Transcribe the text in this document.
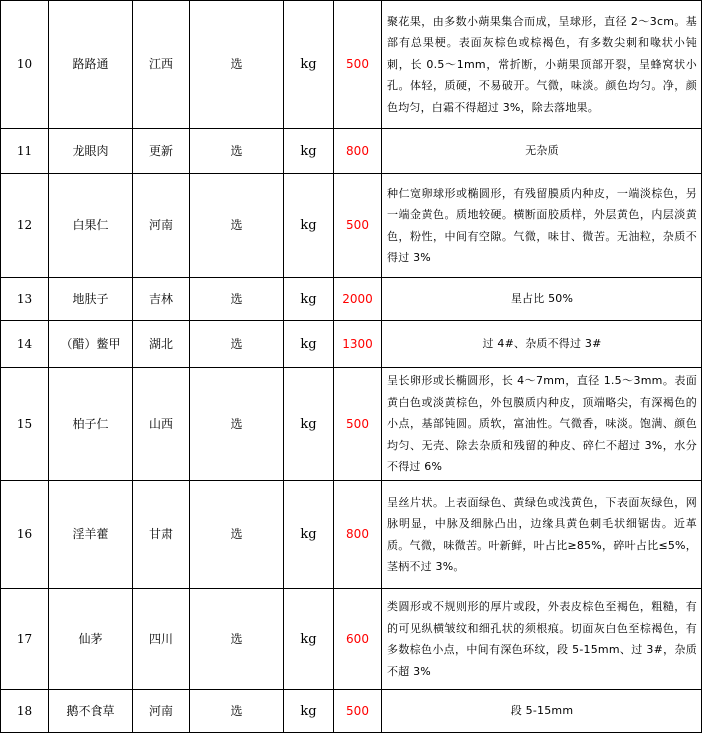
10	路路通	江西	选	kg	500	聚花果，由多数小蒴果集合而成，呈球形，直径 2～3cm。基部有总果梗。表面灰棕色或棕褐色，有多数尖刺和喙状小钝刺，长 0.5～1mm，常折断，小蒴果顶部开裂，呈蜂窝状小孔。体轻，质硬，不易破开。气微，味淡。颜色均匀。净，颜色均匀，白霜不得超过 3%，除去落地果。
11	龙眼肉	更新	选	kg	800	无杂质
12	白果仁	河南	选	kg	500	种仁宽卵球形或椭圆形，有残留膜质内种皮，一端淡棕色，另一端金黄色。质地较硬。横断面胶质样，外层黄色，内层淡黄色，粉性，中间有空隙。气微，味甘、微苦。无油粒，杂质不得过 3%
13	地肤子	吉林	选	kg	2000	星占比 50%
14	（醋）鳖甲	湖北	选	kg	1300	过 4#、杂质不得过 3#
15	柏子仁	山西	选	kg	500	呈长卵形或长椭圆形，长 4～7mm，直径 1.5～3mm。表面黄白色或淡黄棕色，外包膜质内种皮，顶端略尖，有深褐色的小点，基部钝圆。质软，富油性。气微香，味淡。饱满、颜色均匀、无壳、除去杂质和残留的种皮、碎仁不超过 3%，水分不得过 6%
16	淫羊藿	甘肃	选	kg	800	呈丝片状。上表面绿色、黄绿色或浅黄色，下表面灰绿色，网脉明显，中脉及细脉凸出，边缘具黄色刺毛状细锯齿。近革质。气微，味微苦。叶新鲜，叶占比≥85%，碎叶占比≤5%，茎柄不过 3%。
17	仙茅	四川	选	kg	600	类圆形或不规则形的厚片或段，外表皮棕色至褐色，粗糙，有的可见纵横皱纹和细孔状的须根痕。切面灰白色至棕褐色，有多数棕色小点，中间有深色环纹，段 5-15mm、过 3#，杂质不超 3%
18	鹅不食草	河南	选	kg	500	段 5-15mm
